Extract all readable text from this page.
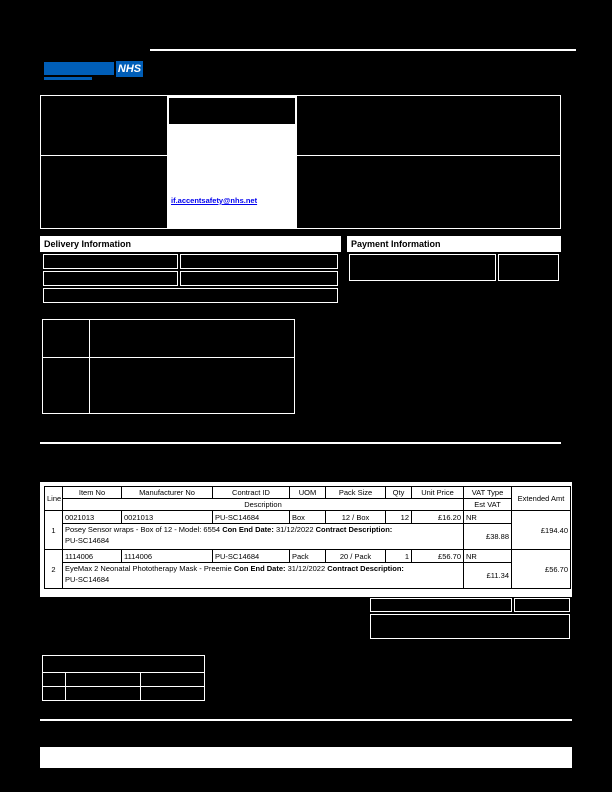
NHS
if.accentsafety@nhs.net
Delivery Information	Payment Information
Line	Item No	Manufacturer No	Contract ID	UOM	Pack Size	Qty	Unit Price	VAT Type	Extended Amt
	Description							Est VAT	
1	0021013	0021013	PU-SC14684	Box	12 / Box	12	£16.20	NR	£194.40
	Posey Sensor wraps - Box of 12 - Model: 6554 Con End Date: 31/12/2022 Contract Description:
PU-SC14684							£38.88	
2	1114006	1114006	PU-SC14684	Pack	20 / Pack	1	£56.70	NR	£56.70
	EyeMax 2 Neonatal Phototherapy Mask - Preemie Con End Date: 31/12/2022 Contract Description:
PU-SC14684							£11.34	
